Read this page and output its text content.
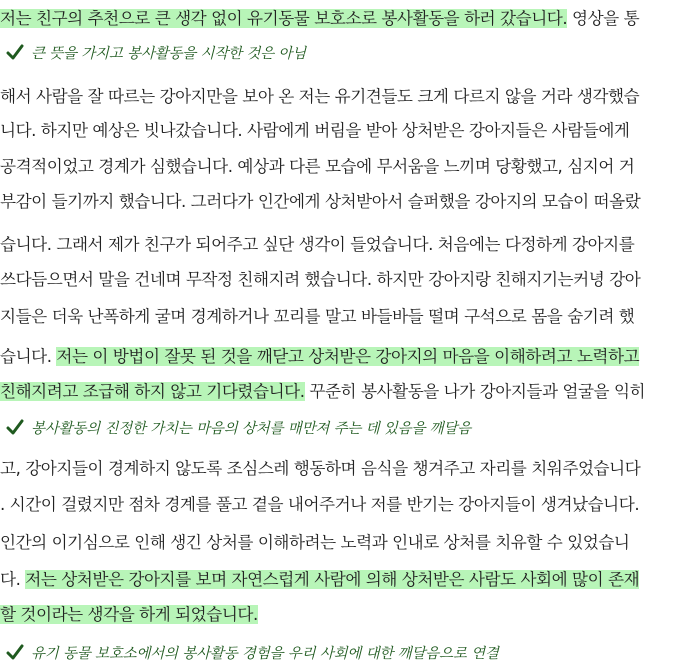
저는 친구의 추천으로 큰 생각 없이 유기동물 보호소로 봉사활동을 하러 갔습니다. 영상을 통
큰 뜻을 가지고 봉사활동을 시작한 것은 아님
해서 사람을 잘 따르는 강아지만을 보아 온 저는 유기견들도 크게 다르지 않을 거라 생각했습
니다. 하지만 예상은 빗나갔습니다. 사람에게 버림을 받아 상처받은 강아지들은 사람들에게
공격적이었고 경계가 심했습니다. 예상과 다른 모습에 무서움을 느끼며 당황했고, 심지어 거
부감이 들기까지 했습니다. 그러다가 인간에게 상처받아서 슬퍼했을 강아지의 모습이 떠올랐
습니다. 그래서 제가 친구가 되어주고 싶단 생각이 들었습니다. 처음에는 다정하게 강아지를
쓰다듬으면서 말을 건네며 무작정 친해지려 했습니다. 하지만 강아지랑 친해지기는커녕 강아
지들은 더욱 난폭하게 굴며 경계하거나 꼬리를 말고 바들바들 떨며 구석으로 몸을 숨기려 했
습니다. 저는 이 방법이 잘못 된 것을 깨닫고 상처받은 강아지의 마음을 이해하려고 노력하고
친해지려고 조급해 하지 않고 기다렸습니다. 꾸준히 봉사활동을 나가 강아지들과 얼굴을 익히
봉사활동의 진정한 가치는 마음의 상처를 매만져 주는 데 있음을 깨달음
고, 강아지들이 경계하지 않도록 조심스레 행동하며 음식을 챙겨주고 자리를 치워주었습니다
. 시간이 걸렸지만 점차 경계를 풀고 곁을 내어주거나 저를 반기는 강아지들이 생겨났습니다.
인간의 이기심으로 인해 생긴 상처를 이해하려는 노력과 인내로 상처를 치유할 수 있었습니
다. 저는 상처받은 강아지를 보며 자연스럽게 사람에 의해 상처받은 사람도 사회에 많이 존재
할 것이라는 생각을 하게 되었습니다.
유기 동물 보호소에서의 봉사활동 경험을 우리 사회에 대한 깨달음으로 연결
